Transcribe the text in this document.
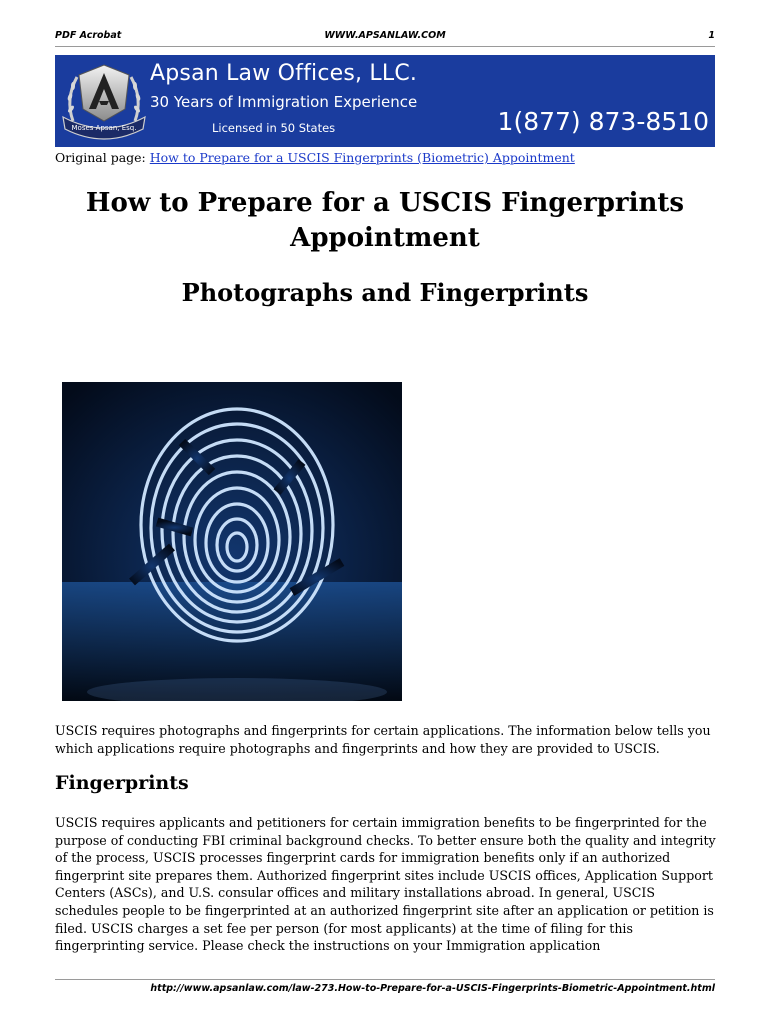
PDF Acrobat	WWW.APSANLAW.COM	1
Moses Apsan, Esq.
Apsan Law Offices, LLC.
30 Years of Immigration Experience
Licensed in 50 States	1(877) 873-8510
Original page: How to Prepare for a USCIS Fingerprints (Biometric) Appointment
How to Prepare for a USCIS Fingerprints Appointment
Photographs and Fingerprints

USCIS requires photographs and fingerprints for certain applications. The information below tells you which applications require photographs and fingerprints and how they are provided to USCIS.

Fingerprints

USCIS requires applicants and petitioners for certain immigration benefits to be fingerprinted for the purpose of conducting FBI criminal background checks. To better ensure both the quality and integrity of the process, USCIS processes fingerprint cards for immigration benefits only if an authorized fingerprint site prepares them. Authorized fingerprint sites include USCIS offices, Application Support Centers (ASCs), and U.S. consular offices and military installations abroad. In general, USCIS schedules people to be fingerprinted at an authorized fingerprint site after an application or petition is filed. USCIS charges a set fee per person (for most applicants) at the time of filing for this fingerprinting service. Please check the instructions on your Immigration application

http://www.apsanlaw.com/law-273.How-to-Prepare-for-a-USCIS-Fingerprints-Biometric-Appointment.html
